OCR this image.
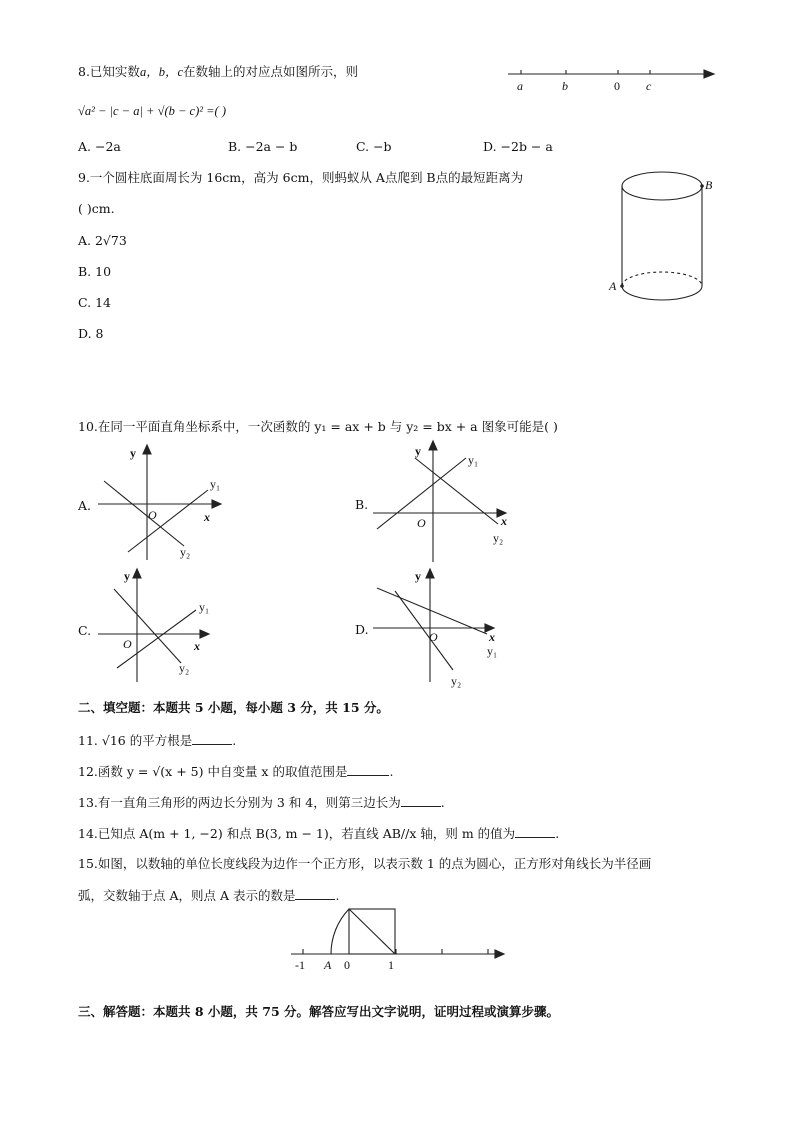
8.已知实数a，b，c在数轴上的对应点如图所示，则
√a² − |c − a| + √(b − c)² =( )
A. −2a	B. −2a − b	C. −b	D. −2b − a
a	b	0 c
9.一个圆柱底面周长为 16cm，高为 6cm，则蚂蚁从 A点爬到 B点的最短距离为
( )cm.
A. 2√73
B. 10
C. 14
D. 8
A
B
10.在同一平面直角坐标系中，一次函数的 y₁ = ax + b 与 y₂ = bx + a 图象可能是( )
A.
y
x
O
y₁
y₂
B.
y
x
O
y₁
y₂
C.
y
x
O
y₁
y₂
D.
y
x
O
y₁
y₂
二、填空题：本题共 5 小题，每小题 3 分，共 15 分。
11. √16 的平方根是	.
12.函数 y = √(x + 5) 中自变量 x 的取值范围是	.
13.有一直角三角形的两边长分别为 3 和 4，则第三边长为	.
14.已知点 A(m + 1, −2) 和点 B(3, m − 1)，若直线 AB//x 轴，则 m 的值为	.
15.如图，以数轴的单位长度线段为边作一个正方形，以表示数 1 的点为圆心，正方形对角线长为半径画
弧，交数轴于点 A，则点 A 表示的数是	.
-1 A 0	1
三、解答题：本题共 8 小题，共 75 分。解答应写出文字说明，证明过程或演算步骤。
